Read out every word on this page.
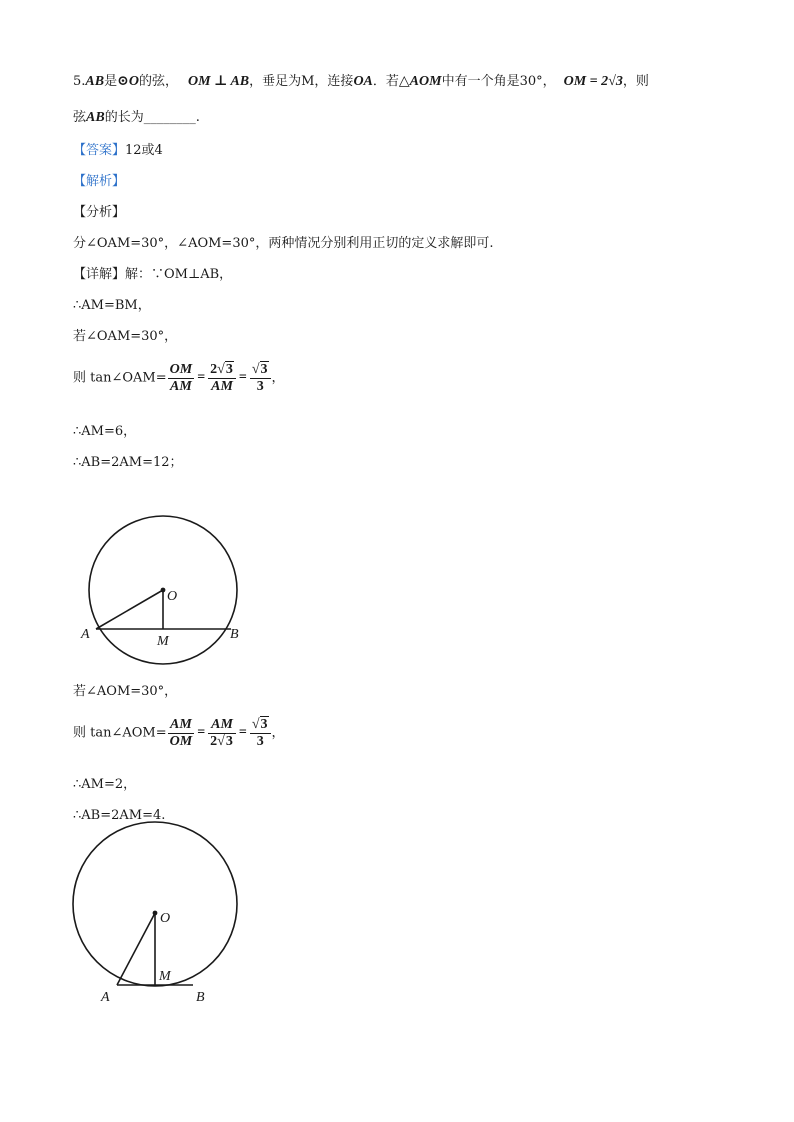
5.AB是⊙O的弦， OM ⊥ AB，垂足为M，连接OA．若△AOM中有一个角是30°， OM = 2√3，则
弦AB的长为________.
【答案】12或4
【解析】
【分析】
分∠OAM=30°，∠AOM=30°，两种情况分别利用正切的定义求解即可.
【详解】解：∵OM⊥AB，
∴AM=BM，
若∠OAM=30°，
则 tan∠OAM= $\frac{OM}{AM} = \frac{2√3}{AM} = \frac{√3}{3}$ ，
∴AM=6，
∴AB=2AM=12；
若∠AOM=30°，
则 tan∠AOM= $\frac{AM}{OM} = \frac{AM}{2√3} = \frac{√3}{3}$ ，
∴AM=2，
∴AB=2AM=4.
O
A	M	B
O
A
M
B
